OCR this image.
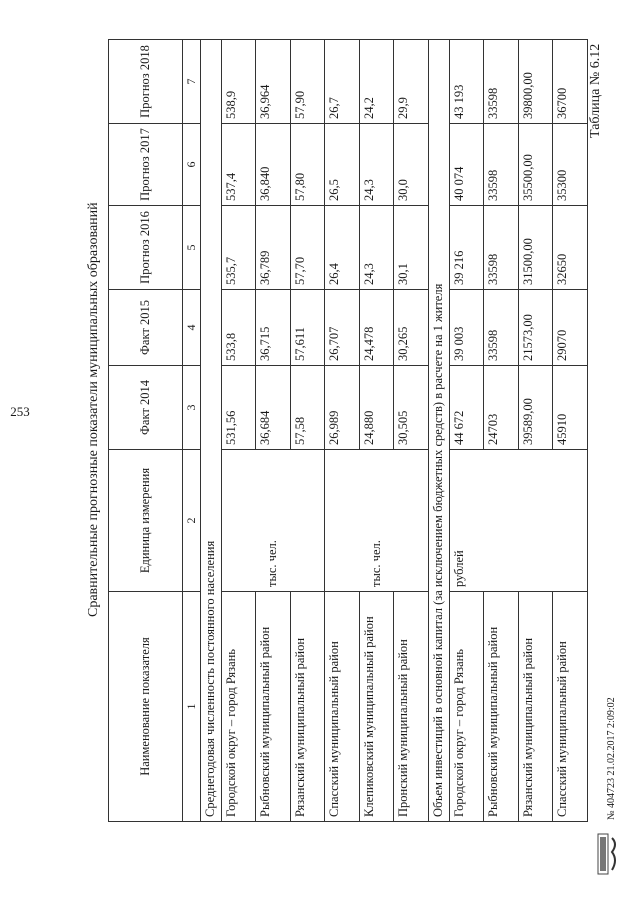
253
Таблица № 6.12
Сравнительные прогнозные показатели муниципальных образований
Наименование показателя	Единица измерения	Факт 2014	Факт 2015	Прогноз 2016	Прогноз 2017	Прогноз 2018
1	2	3	4	5	6	7
Среднегодовая численность постоянного населения						
Городской округ – город Рязань	тыс. чел.	531,56	533,8	535,7	537,4	538,9
Рыбновский муниципальный район		36,684	36,715	36,789	36,840	36,964
Рязанский муниципальный район		57,58	57,611	57,70	57,80	57,90
Спасский муниципальный район	тыс. чел.	26,989	26,707	26,4	26,5	26,7
Клепиковский муниципальный район		24,880	24,478	24,3	24,3	24,2
Пронский муниципальный район		30,505	30,265	30,1	30,0	29,9
Объем инвестиций в основной капитал (за исключением бюджетных средств) в расчете на 1 жителя						
Городской округ – город Рязань	рублей	44 672	39 003	39 216	40 074	43 193
Рыбновский муниципальный район		24703	33598	33598	33598	33598
Рязанский муниципальный район		39589,00	21573,00	31500,00	35500,00	39800,00
Спасский муниципальный район		45910	29070	32650	35300	36700
№ 404723 21.02.2017 2:09:02
